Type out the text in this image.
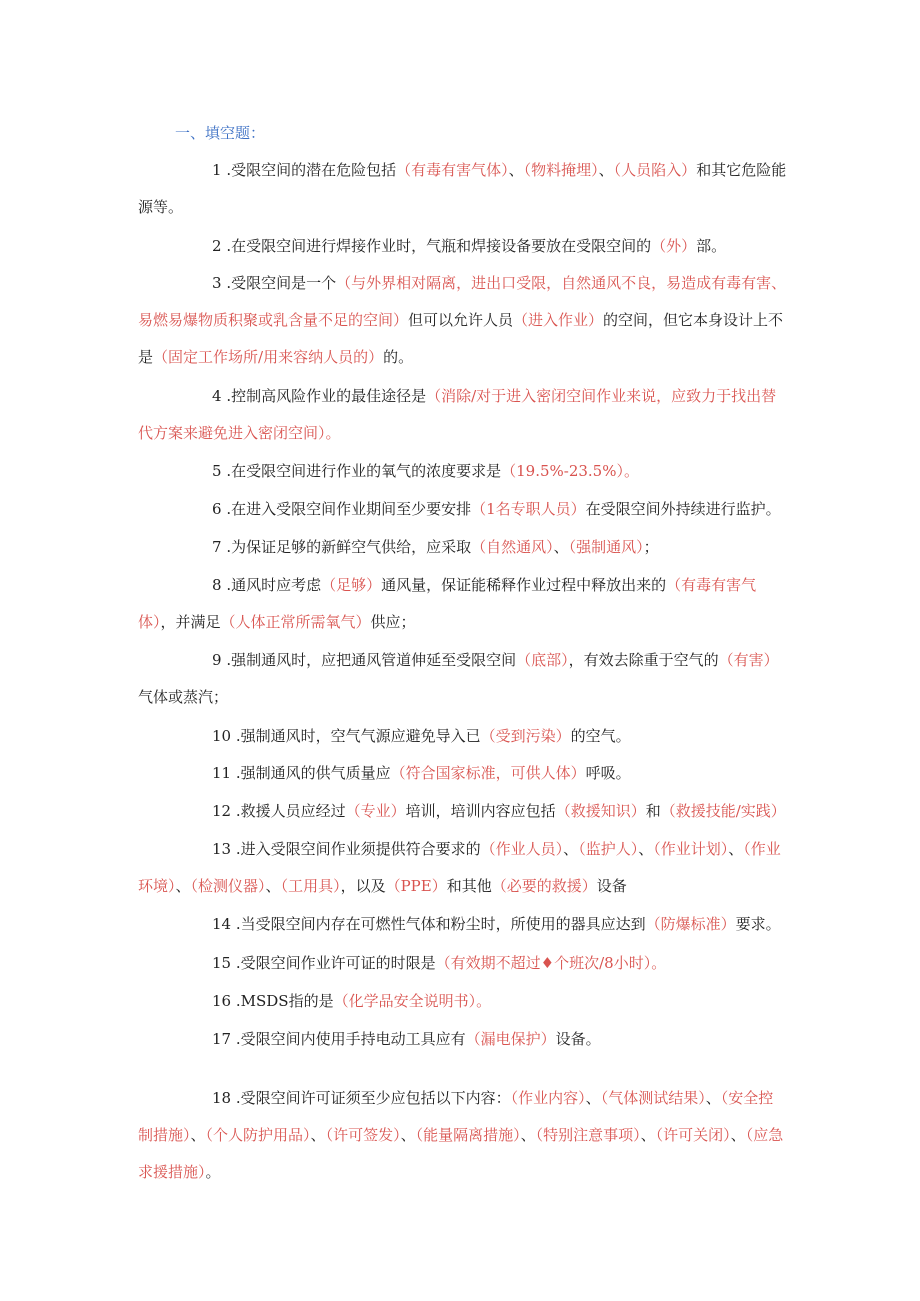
一、填空题：
1 .受限空间的潜在危险包括（有毒有害气体）、（物料掩埋）、（人员陷入）和其它危险能源等。
2 .在受限空间进行焊接作业时，气瓶和焊接设备要放在受限空间的（外）部。
3 .受限空间是一个（与外界相对隔离，进出口受限，自然通风不良，易造成有毒有害、易燃易爆物质积聚或乳含量不足的空间）但可以允许人员（进入作业）的空间，但它本身设计上不是（固定工作场所/用来容纳人员的）的。
4 .控制高风险作业的最佳途径是（消除/对于进入密闭空间作业来说，应致力于找出替代方案来避免进入密闭空间）。
5 .在受限空间进行作业的氧气的浓度要求是（19.5%-23.5%）。
6 .在进入受限空间作业期间至少要安排（1名专职人员）在受限空间外持续进行监护。
7 .为保证足够的新鲜空气供给，应采取（自然通风）、（强制通风）；
8 .通风时应考虑（足够）通风量，保证能稀释作业过程中释放出来的（有毒有害气体），并满足（人体正常所需氧气）供应；
9 .强制通风时，应把通风管道伸延至受限空间（底部），有效去除重于空气的（有害）气体或蒸汽；
10 .强制通风时，空气气源应避免导入已（受到污染）的空气。
11 .强制通风的供气质量应（符合国家标准，可供人体）呼吸。
12 .救援人员应经过（专业）培训，培训内容应包括（救援知识）和（救援技能/实践）
13 .进入受限空间作业须提供符合要求的（作业人员）、（监护人）、（作业计划）、（作业环境）、（检测仪器）、（工用具），以及（PPE）和其他（必要的救援）设备
14 .当受限空间内存在可燃性气体和粉尘时，所使用的器具应达到（防爆标准）要求。
15 .受限空间作业许可证的时限是（有效期不超过♦个班次/8小时）。
16 .MSDS指的是（化学品安全说明书）。
17 .受限空间内使用手持电动工具应有（漏电保护）设备。
18 .受限空间许可证须至少应包括以下内容：（作业内容）、（气体测试结果）、（安全控制措施）、（个人防护用品）、（许可签发）、（能量隔离措施）、（特别注意事项）、（许可关闭）、（应急求援措施）。
